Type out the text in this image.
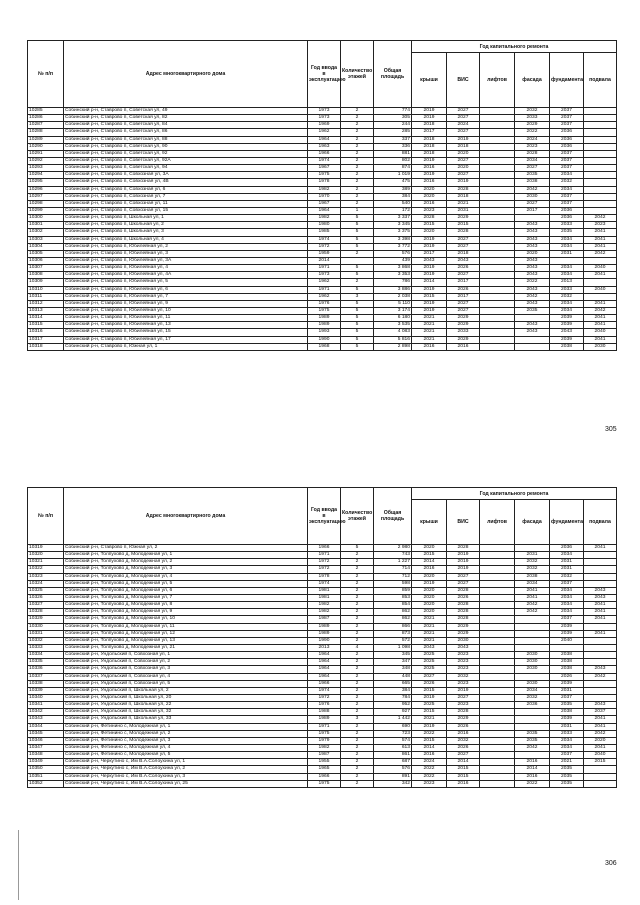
№ п/п	Адрес многоквартирного дома	Год ввода в эксплуатацию	Количество этажей	Общая площадь	Год капитального ремонта					
					крыши	ВИС	лифтов	фасада	фундамента	подвала
10285	Собинский р-н, Ставрово п, Советская ул, 49	1973	2	774	2019	2027		2032	2037	
10286	Собинский р-н, Ставрово п, Советская ул, 82	1973	2	305	2019	2027		2033	2037	
10287	Собинский р-н, Ставрово п, Советская ул, 84	1969	2	244	2018	2024		2029	2037	
10288	Собинский р-н, Ставрово п, Советская ул, 86	1962	2	285	2017	2027		2022	2036	
10289	Собинский р-н, Ставрово п, Советская ул, 88	1964	2	337	2018	2019		2024	2036	
10290	Собинский р-н, Ставрово п, Советская ул, 90	1963	2	336	2018	2018		2023	2036	
10291	Собинский р-н, Ставрово п, Советская ул, 92	1966	2	881	2018	2020		2028	2037	
10292	Собинский р-н, Ставрово п, Советская ул, 92А	1974	2	802	2019	2027		2034	2037	
10293	Собинский р-н, Ставрово п, Советская ул, 94	1967	2	874	2016	2020		2027	2037	
10294	Собинский р-н, Ставрово п, Совхозная ул, 3А	1975	2	1 019	2019	2027		2035	2034	
10295	Собинский р-н, Ставрово п, Совхозная ул, 4В	1978	2	475	2016	2019		2038	2032	
10296	Собинский р-н, Ставрово п, Совхозная ул, 6	1982	2	389	2020	2028		2042	2034	
10297	Собинский р-н, Ставрово п, Совхозная ул, 7	1970	2	384	2020	2018		2030	2037	
10298	Собинский р-н, Ставрово п, Совхозная ул, 11	1967	2	540	2016	2021		2027	2037	
10299	Собинский р-н, Ставрово п, Совхозная ул, 15	1964	1	172	2023	2031		2017	2036	
10300	Собинский р-н, Ставрово п, Школьная ул, 1	1982	5	3 337	2028	2029			2036	2042
10301	Собинский р-н, Ставрово п, Школьная ул, 2	1980	5	3 345	2015	2015		2043	2033	2023
10302	Собинский р-н, Ставрово п, Школьная ул, 3	1985	5	3 375	2020	2028		2043	2035	2041
10303	Собинский р-н, Ставрово п, Школьная ул, 4	1974	5	3 398	2019	2027		2043	2034	2041
10304	Собинский р-н, Ставрово п, Юбилейная ул, 2	1972	5	3 772	2019	2027		2043	2034	2041
10305	Собинский р-н, Ставрово п, Юбилейная ул, 3	1959	2	576	2017	2018		2020	2031	2042
10306	Собинский р-н, Ставрово п, Юбилейная ул, 3А	2014		439	2043	2043		2043		
10307	Собинский р-н, Ставрово п, Юбилейная ул, 4	1971	5	3 868	2019	2026		2043	2034	2040
10308	Собинский р-н, Ставрово п, Юбилейная ул, 4А	1973	5	3 353	2019	2027		2043	2034	2041
10309	Собинский р-н, Ставрово п, Юбилейная ул, 5	1962	2	786	2014	2017		2022	2013	
10310	Собинский р-н, Ставрово п, Юбилейная ул, 6	1971	5	3 886	2019	2026		2043	2033	2040
10311	Собинский р-н, Ставрово п, Юбилейная ул, 7	1962	3	2 038	2015	2017		2042	2032	
10312	Собинский р-н, Ставрово п, Юбилейная ул, 9	1976	5	5 110	2019	2027		2043	2034	2041
10313	Собинский р-н, Ставрово п, Юбилейная ул, 10	1975	5	3 174	2019	2027		2035	2034	2042
10314	Собинский р-н, Ставрово п, Юбилейная ул, 11	1989	5	6 180	2021	2029			2039	2041
10315	Собинский р-н, Ставрово п, Юбилейная ул, 13	1989	5	3 535	2021	2029		2043	2039	2041
10316	Собинский р-н, Ставрово п, Юбилейная ул, 15	1993	5	4 083	2021	2033		2043	2043	2040
10317	Собинский р-н, Ставрово п, Юбилейная ул, 17	1990	5	5 816	2021	2029			2039	2041
10318	Собинский р-н, Ставрово п, Южная ул, 1	1968	5	2 898	2016	2016			2038	2030
305
№ п/п	Адрес многоквартирного дома	Год ввода в эксплуатацию	Количество этажей	Общая площадь	Год капитального ремонта					
					крыши	ВИС	лифтов	фасада	фундамента	подвала
10319	Собинский р-н, Ставрово п, Южная ул, 2	1966	5	2 980	2020	2028			2036	2041
10320	Собинский р-н, Толпухово д, Молодежная ул, 1	1971	2	743	2015	2019		2031	2034	
10321	Собинский р-н, Толпухово д, Молодежная ул, 2	1972	2	1 227	2014	2019		2032	2031	
10322	Собинский р-н, Толпухово д, Молодежная ул, 3	1972	2	714	2016	2019		2032	2031	
10323	Собинский р-н, Толпухово д, Молодежная ул, 4	1978	2	712	2020	2027		2038	2032	
10324	Собинский р-н, Толпухово д, Молодежная ул, 5	1974	2	598	2019	2027		2034	2037	
10325	Собинский р-н, Толпухово д, Молодежная ул, 6	1981	2	859	2020	2028		2041	2034	2043
10326	Собинский р-н, Толпухово д, Молодежная ул, 7	1981	2	853	2020	2026		2041	2034	2043
10327	Собинский р-н, Толпухово д, Молодежная ул, 8	1982	2	854	2020	2028		2042	2034	2041
10328	Собинский р-н, Толпухово д, Молодежная ул, 9	1982	2	862	2020	2028		2042	2034	2041
10329	Собинский р-н, Толпухово д, Молодежная ул, 10	1987	2	862	2021	2028			2037	2041
10330	Собинский р-н, Толпухово д, Молодежная ул, 11	1989	2	866	2021	2029			2039	
10331	Собинский р-н, Толпухово д, Молодежная ул, 12	1989	2	873	2021	2029			2039	2041
10332	Собинский р-н, Толпухово д, Молодежная ул, 13	1990	2	572	2021	2030			2040	
10333	Собинский р-н, Толпухово д, Молодежная ул, 21	2013	4	1 098	2043	2043				
10334	Собинский р-н, Ундольский п, Совхозная ул, 1	1964	2	345	2025	2023		2030	2038	
10335	Собинский р-н, Ундольский п, Совхозная ул, 2	1964	2	347	2025	2023		2030	2038	
10336	Собинский р-н, Ундольский п, Совхозная ул, 3	1964	2	348	2025	2023		2030	2038	2043
10337	Собинский р-н, Ундольский п, Совхозная ул, 4	1964	2	448	2027	2032			2026	2042
10338	Собинский р-н, Ундольский п, Совхозная ул, 5	1966	2	665	2026	2023		2030	2039	
10339	Собинский р-н, Ундольский п, Школьная ул, 2	1974	2	384	2015	2019		2034	2031	
10340	Собинский р-н, Ундольский п, Школьная ул, 20	1972	2	784	2019	2027		2032	2037	
10341	Собинский р-н, Ундольский п, Школьная ул, 22	1976	2	952	2025	2023		2036	2035	2043
10342	Собинский р-н, Ундольский п, Школьная ул, 32	1988	2	927	2015	2028			2038	2037
10343	Собинский р-н, Ундольский п, Школьная ул, 33	1989	3	1 442	2021	2029			2039	2041
10344	Собинский р-н, Фетинино с, Молодежная ул, 1	1971	2	690	2019	2026			2031	2041
10345	Собинский р-н, Фетинино с, Молодежная ул, 2	1975	2	723	2022	2016		2035	2033	2042
10346	Собинский р-н, Фетинино с, Молодежная ул, 3	1979	2	574	2015	2032		2035	2034	2020
10347	Собинский р-н, Фетинино с, Молодежная ул, 4	1982	2	613	2014	2026		2042	2034	2041
10348	Собинский р-н, Фетинино с, Молодежная ул, 5	1987	2	861	2016	2027			2037	2040
10349	Собинский р-н, Черкутино с, Им В.А.Солоухина ул, 1	1955	2	687	2024	2014		2016	2021	2015
10350	Собинский р-н, Черкутино с, Им В.А.Солоухина ул, 2	1965	2	576	2022	2015		2014	2035	
10351	Собинский р-н, Черкутино с, Им В.А.Солоухина ул, 3	1966	2	891	2022	2015		2016	2035	
10352	Собинский р-н, Черкутино с, Им В.А.Солоухина ул, 25	1975	2	342	2023	2016		2022	2035	
306
